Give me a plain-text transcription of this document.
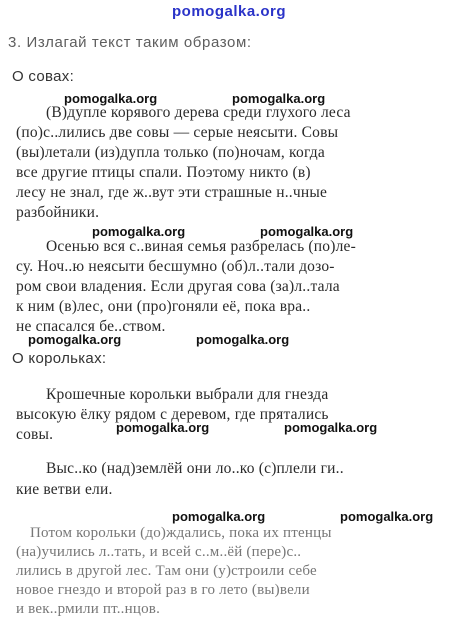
pomogalka.org
3. Излагай текст таким образом:
О совах:
(В)дупле корявого дерева среди глухого леса
(по)с..лились две совы — серые неясыти. Совы
(вы)летали (из)дупла только (по)ночам, когда
все другие птицы спали. Поэтому никто (в)
лесу не знал, где ж..вут эти страшные н..чные
разбойники.
Осенью вся с..виная семья разбрелась (по)ле-
су. Ноч..ю неясыти бесшумно (об)л..тали дозо-
ром свои владения. Если другая сова (за)л..тала
к ним (в)лес, они (про)гоняли её, пока вра..
не спасался бе..ством.
О корольках:
Крошечные корольки выбрали для гнезда
высокую ёлку рядом с деревом, где прятались
совы.
Выс..ко (над)землёй они ло..ко (с)плели ги..
кие ветви ели.
Потом корольки (до)ждались, пока их птенцы
(на)учились л..тать, и всей с..м..ёй (пере)с..
лились в другой лес. Там они (у)строили себе
новое гнездо и второй раз в го лето (вы)вели
и век..рмили пт..нцов.
pomogalka.org	pomogalka.org
pomogalka.org	pomogalka.org
pomogalka.org	pomogalka.org
pomogalka.org	pomogalka.org
pomogalka.org	pomogalka.org
